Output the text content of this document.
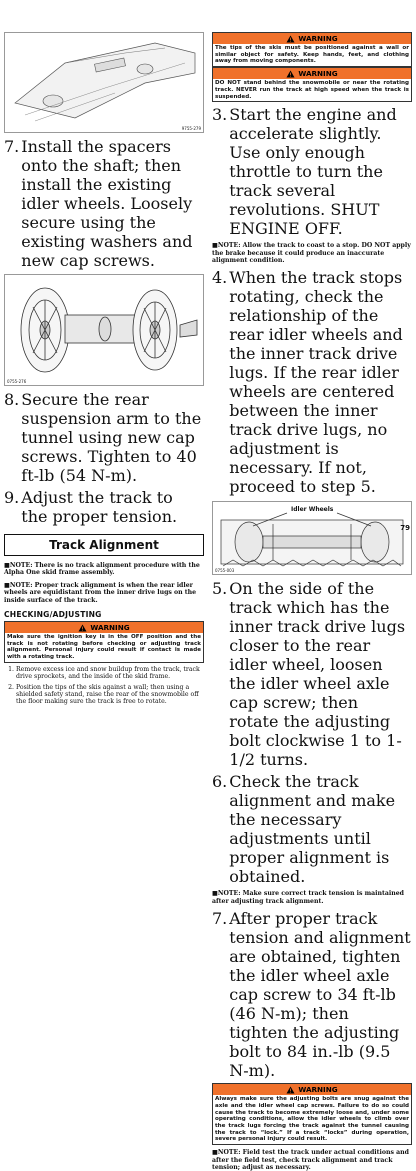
9755-279
7. Install the spacers onto the shaft; then install the existing idler wheels. Loosely secure using the existing washers and new cap screws.
0755-276
8. Secure the rear suspension arm to the tunnel using new cap screws. Tighten to 40 ft-lb (54 N-m).
9. Adjust the track to the proper tension.
Track Alignment

■NOTE: There is no track alignment procedure with the Alpha One skid frame assembly.

■NOTE: Proper track alignment is when the rear idler wheels are equidistant from the inner drive lugs on the inside surface of the track.

CHECKING/ADJUSTING
WARNING
Make sure the ignition key is in the OFF position and the track is not rotating before checking or adjusting track alignment. Personal injury could result if contact is made with a rotating track.
1. Remove excess ice and snow buildup from the track, track drive sprockets, and the inside of the skid frame.
2. Position the tips of the skis against a wall; then using a shielded safety stand, raise the rear of the snowmobile off the floor making sure the track is free to rotate.
WARNING
The tips of the skis must be positioned against a wall or similar object for safety. Keep hands, feet, and clothing away from moving components.
WARNING
DO NOT stand behind the snowmobile or near the rotating track. NEVER run the track at high speed when the track is suspended.
3. Start the engine and accelerate slightly. Use only enough throttle to turn the track several revolutions. SHUT ENGINE OFF.

■NOTE: Allow the track to coast to a stop. DO NOT apply the brake because it could produce an inaccurate alignment condition.

4. When the track stops rotating, check the relationship of the rear idler wheels and the inner track drive lugs. If the rear idler wheels are centered between the inner track drive lugs, no adjustment is necessary. If not, proceed to step 5.
Idler Wheels
0755-003
5. On the side of the track which has the inner track drive lugs closer to the rear idler wheel, loosen the idler wheel axle cap screw; then rotate the adjusting bolt clockwise 1 to 1-1/2 turns.
6. Check the track alignment and make the necessary adjustments until proper alignment is obtained.

■NOTE: Make sure correct track tension is maintained after adjusting track alignment.

7. After proper track tension and alignment are obtained, tighten the idler wheel axle cap screw to 34 ft-lb (46 N-m); then tighten the adjusting bolt to 84 in.-lb (9.5 N-m).
WARNING
Always make sure the adjusting bolts are snug against the axle and the idler wheel cap screws. Failure to do so could cause the track to become extremely loose and, under some operating conditions, allow the idler wheels to climb over the track lugs forcing the track against the tunnel causing the track to “lock.” If a track “locks” during operation, severe personal injury could result.

■NOTE: Field test the track under actual conditions and after the field test, check track alignment and track tension; adjust as necessary.

79
